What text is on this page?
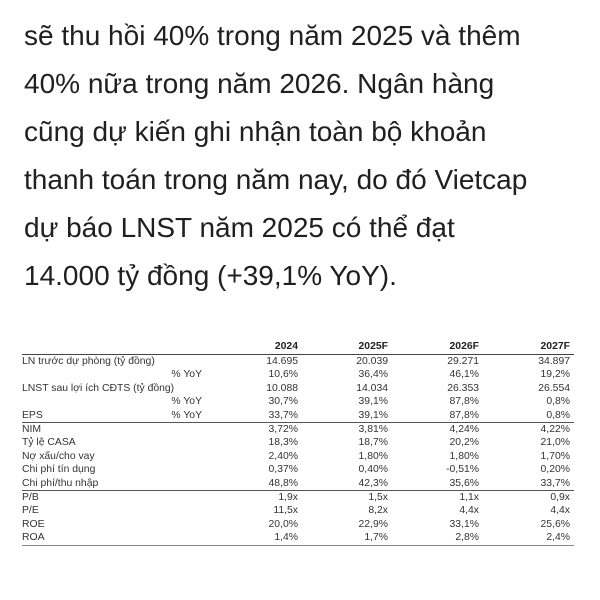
sẽ thu hồi 40% trong năm 2025 và thêm
40% nữa trong năm 2026. Ngân hàng
cũng dự kiến ghi nhận toàn bộ khoản
thanh toán trong năm nay, do đó Vietcap
dự báo LNST năm 2025 có thể đạt
14.000 tỷ đồng (+39,1% YoY).
	2024	2025F	2026F	2027F

LN trước dự phòng (tỷ đồng)	14.695	20.039	29.271	34.897

% YoY	10,6%	36,4%	46,1%	19,2%

LNST sau lợi ích CĐTS (tỷ đồng)	10.088	14.034	26.353	26.554

% YoY	30,7%	39,1%	87,8%	0,8%

EPS % YoY	33,7%	39,1%	87,8%	0,8%

NIM	3,72%	3,81%	4,24%	4,22%

Tỷ lệ CASA	18,3%	18,7%	20,2%	21,0%

Nợ xấu/cho vay	2,40%	1,80%	1,80%	1,70%

Chi phí tín dụng	0,37%	0,40%	-0,51%	0,20%

Chi phí/thu nhập	48,8%	42,3%	35,6%	33,7%

P/B	1,9x	1,5x	1,1x	0,9x

P/E	11,5x	8,2x	4,4x	4,4x

ROE	20,0%	22,9%	33,1%	25,6%

ROA	1,4%	1,7%	2,8%	2,4%
